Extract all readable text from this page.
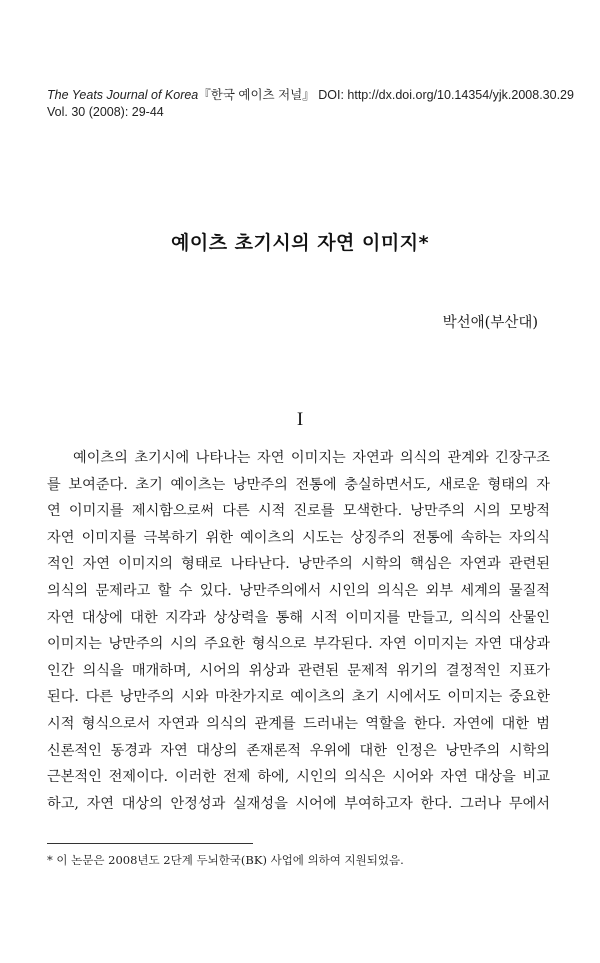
The Yeats Journal of Korea『한국 예이츠 저널』 DOI: http://dx.doi.org/10.14354/yjk.2008.30.29
Vol. 30 (2008): 29-44
예이츠 초기시의 자연 이미지*
박선애(부산대)
I
예이츠의 초기시에 나타나는 자연 이미지는 자연과 의식의 관계와 긴장구조
를 보여준다. 초기 예이츠는 낭만주의 전통에 충실하면서도, 새로운 형태의 자
연 이미지를 제시함으로써 다른 시적 진로를 모색한다. 낭만주의 시의 모방적
자연 이미지를 극복하기 위한 예이츠의 시도는 상징주의 전통에 속하는 자의식
적인 자연 이미지의 형태로 나타난다. 낭만주의 시학의 핵심은 자연과 관련된
의식의 문제라고 할 수 있다. 낭만주의에서 시인의 의식은 외부 세계의 물질적
자연 대상에 대한 지각과 상상력을 통해 시적 이미지를 만들고, 의식의 산물인
이미지는 낭만주의 시의 주요한 형식으로 부각된다. 자연 이미지는 자연 대상과
인간 의식을 매개하며, 시어의 위상과 관련된 문제적 위기의 결정적인 지표가
된다. 다른 낭만주의 시와 마찬가지로 예이츠의 초기 시에서도 이미지는 중요한
시적 형식으로서 자연과 의식의 관계를 드러내는 역할을 한다. 자연에 대한 범
신론적인 동경과 자연 대상의 존재론적 우위에 대한 인정은 낭만주의 시학의
근본적인 전제이다. 이러한 전제 하에, 시인의 의식은 시어와 자연 대상을 비교
하고, 자연 대상의 안정성과 실재성을 시어에 부여하고자 한다. 그러나 무에서
* 이 논문은 2008년도 2단계 두뇌한국(BK) 사업에 의하여 지원되었음.
